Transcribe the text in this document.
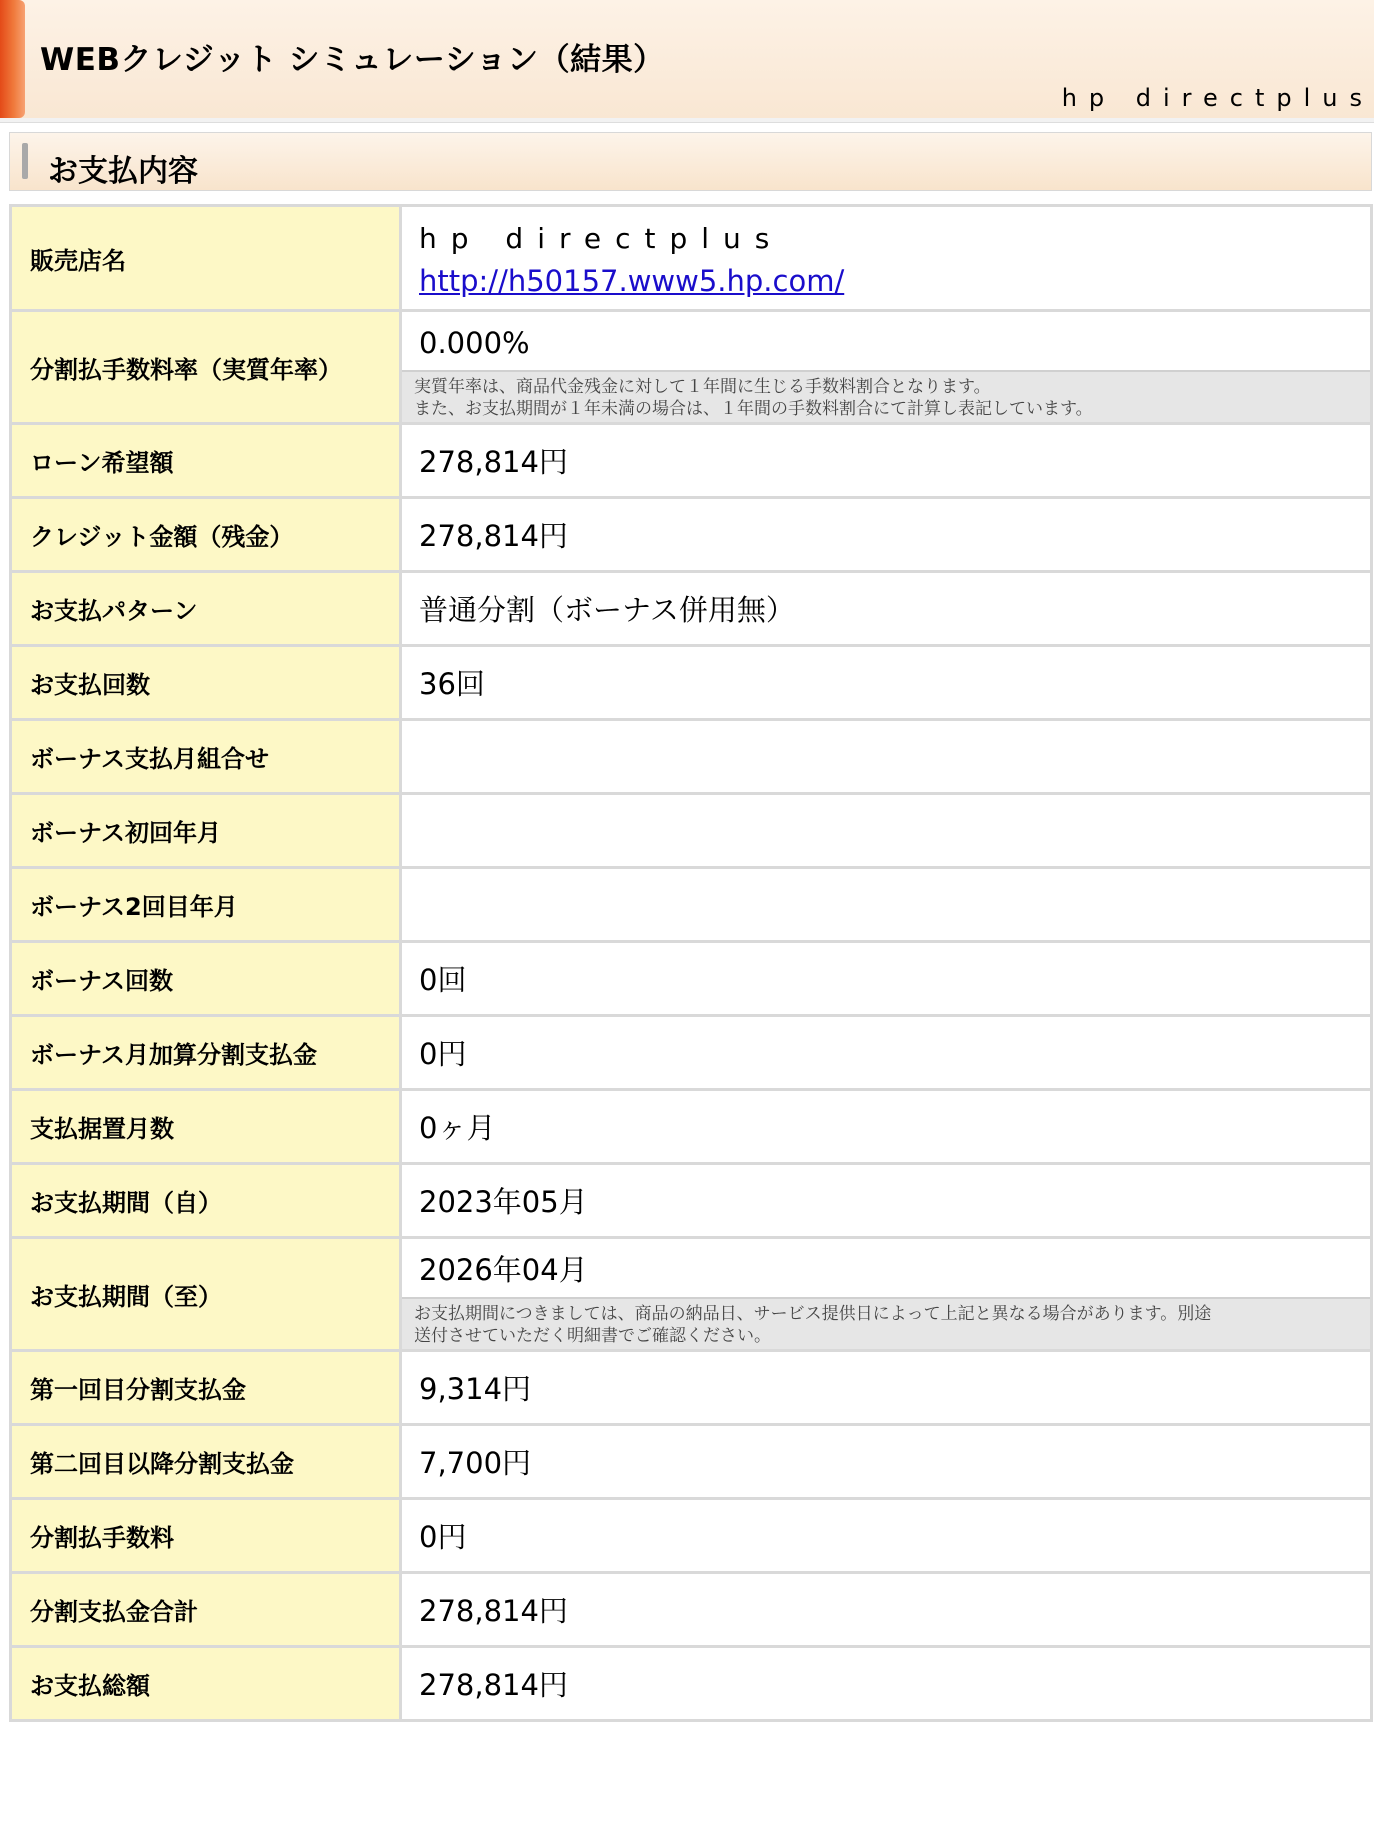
WEBクレジット シミュレーション（結果）
hp directplus
お支払内容
販売店名	hp directplus
http://h50157.www5.hp.com/

分割払手数料率（実質年率）	0.000%
実質年率は、商品代金残金に対して１年間に生じる手数料割合となります。
また、お支払期間が１年未満の場合は、１年間の手数料割合にて計算し表記しています。

ローン希望額	278,814円
クレジット金額（残金）	278,814円
お支払パターン	普通分割（ボーナス併用無）
お支払回数	36回
ボーナス支払月組合せ	
ボーナス初回年月	
ボーナス2回目年月	
ボーナス回数	0回
ボーナス月加算分割支払金	0円
支払据置月数	0ヶ月
お支払期間（自）	2023年05月
お支払期間（至）	2026年04月
お支払期間につきましては、商品の納品日、サービス提供日によって上記と異なる場合があります。別途
送付させていただく明細書でご確認ください。

第一回目分割支払金	9,314円
第二回目以降分割支払金	7,700円
分割払手数料	0円
分割支払金合計	278,814円
お支払総額	278,814円
